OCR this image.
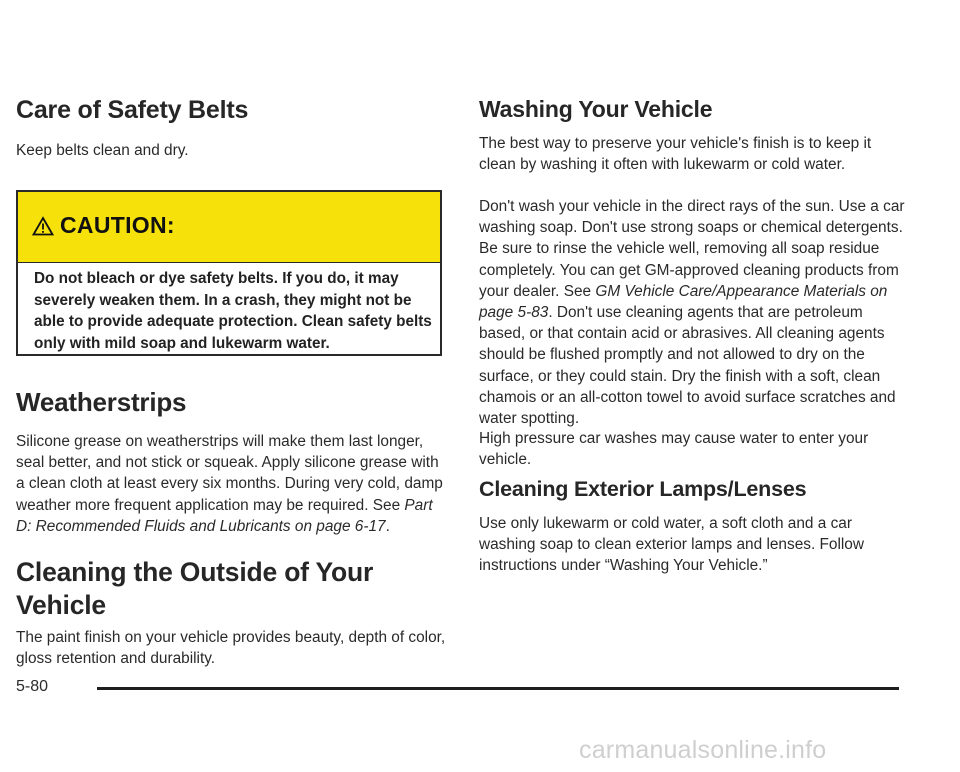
Care of Safety Belts

Keep belts clean and dry.

CAUTION:
Do not bleach or dye safety belts. If you do, it may severely weaken them. In a crash, they might not be able to provide adequate protection. Clean safety belts only with mild soap and lukewarm water.
Weatherstrips

Silicone grease on weatherstrips will make them last longer, seal better, and not stick or squeak. Apply silicone grease with a clean cloth at least every six months. During very cold, damp weather more frequent application may be required. See Part D: Recommended Fluids and Lubricants on page 6-17.

Cleaning the Outside of Your
Vehicle

The paint finish on your vehicle provides beauty, depth of color, gloss retention and durability.

Washing Your Vehicle

The best way to preserve your vehicle's finish is to keep it clean by washing it often with lukewarm or cold water.

Don't wash your vehicle in the direct rays of the sun. Use a car washing soap. Don't use strong soaps or chemical detergents. Be sure to rinse the vehicle well, removing all soap residue completely. You can get GM-approved cleaning products from your dealer. See GM Vehicle Care/Appearance Materials on page 5-83. Don't use cleaning agents that are petroleum based, or that contain acid or abrasives. All cleaning agents should be flushed promptly and not allowed to dry on the surface, or they could stain. Dry the finish with a soft, clean chamois or an all-cotton towel to avoid surface scratches and water spotting.

High pressure car washes may cause water to enter your vehicle.

Cleaning Exterior Lamps/Lenses

Use only lukewarm or cold water, a soft cloth and a car washing soap to clean exterior lamps and lenses. Follow instructions under “Washing Your Vehicle.”

5-80
carmanualsonline.info
